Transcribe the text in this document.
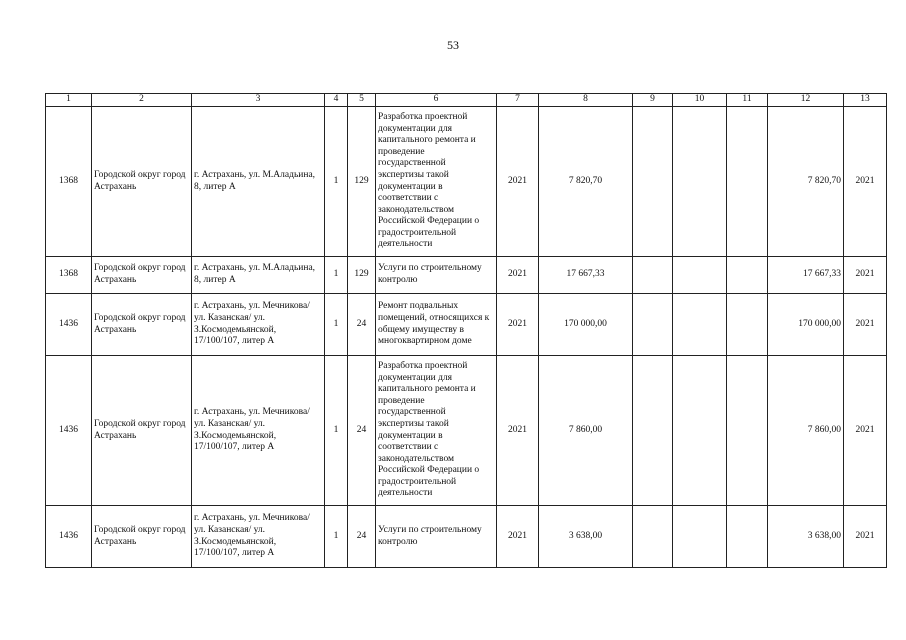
53
1	2	3	4	5	6	7	8	9	10	11	12	13
1368	Городской округ город Астрахань	г. Астрахань, ул. М.Аладьина, 8, литер А	1	129	Разработка проектной документации для капитального ремонта и проведение государственной экспертизы такой документации в соответствии с законодательством Российской Федерации о градостроительной деятельности	2021	7 820,70				7 820,70	2021
1368	Городской округ город Астрахань	г. Астрахань, ул. М.Аладьина, 8, литер А	1	129	Услуги по строительному контролю	2021	17 667,33				17 667,33	2021
1436	Городской округ город Астрахань	г. Астрахань, ул. Мечникова/ ул. Казанская/ ул. З.Космодемьянской, 17/100/107, литер А	1	24	Ремонт подвальных помещений, относящихся к общему имуществу в многоквартирном доме	2021	170 000,00				170 000,00	2021
1436	Городской округ город Астрахань	г. Астрахань, ул. Мечникова/ ул. Казанская/ ул. З.Космодемьянской, 17/100/107, литер А	1	24	Разработка проектной документации для капитального ремонта и проведение государственной экспертизы такой документации в соответствии с законодательством Российской Федерации о градостроительной деятельности	2021	7 860,00				7 860,00	2021
1436	Городской округ город Астрахань	г. Астрахань, ул. Мечникова/ ул. Казанская/ ул. З.Космодемьянской, 17/100/107, литер А	1	24	Услуги по строительному контролю	2021	3 638,00				3 638,00	2021
